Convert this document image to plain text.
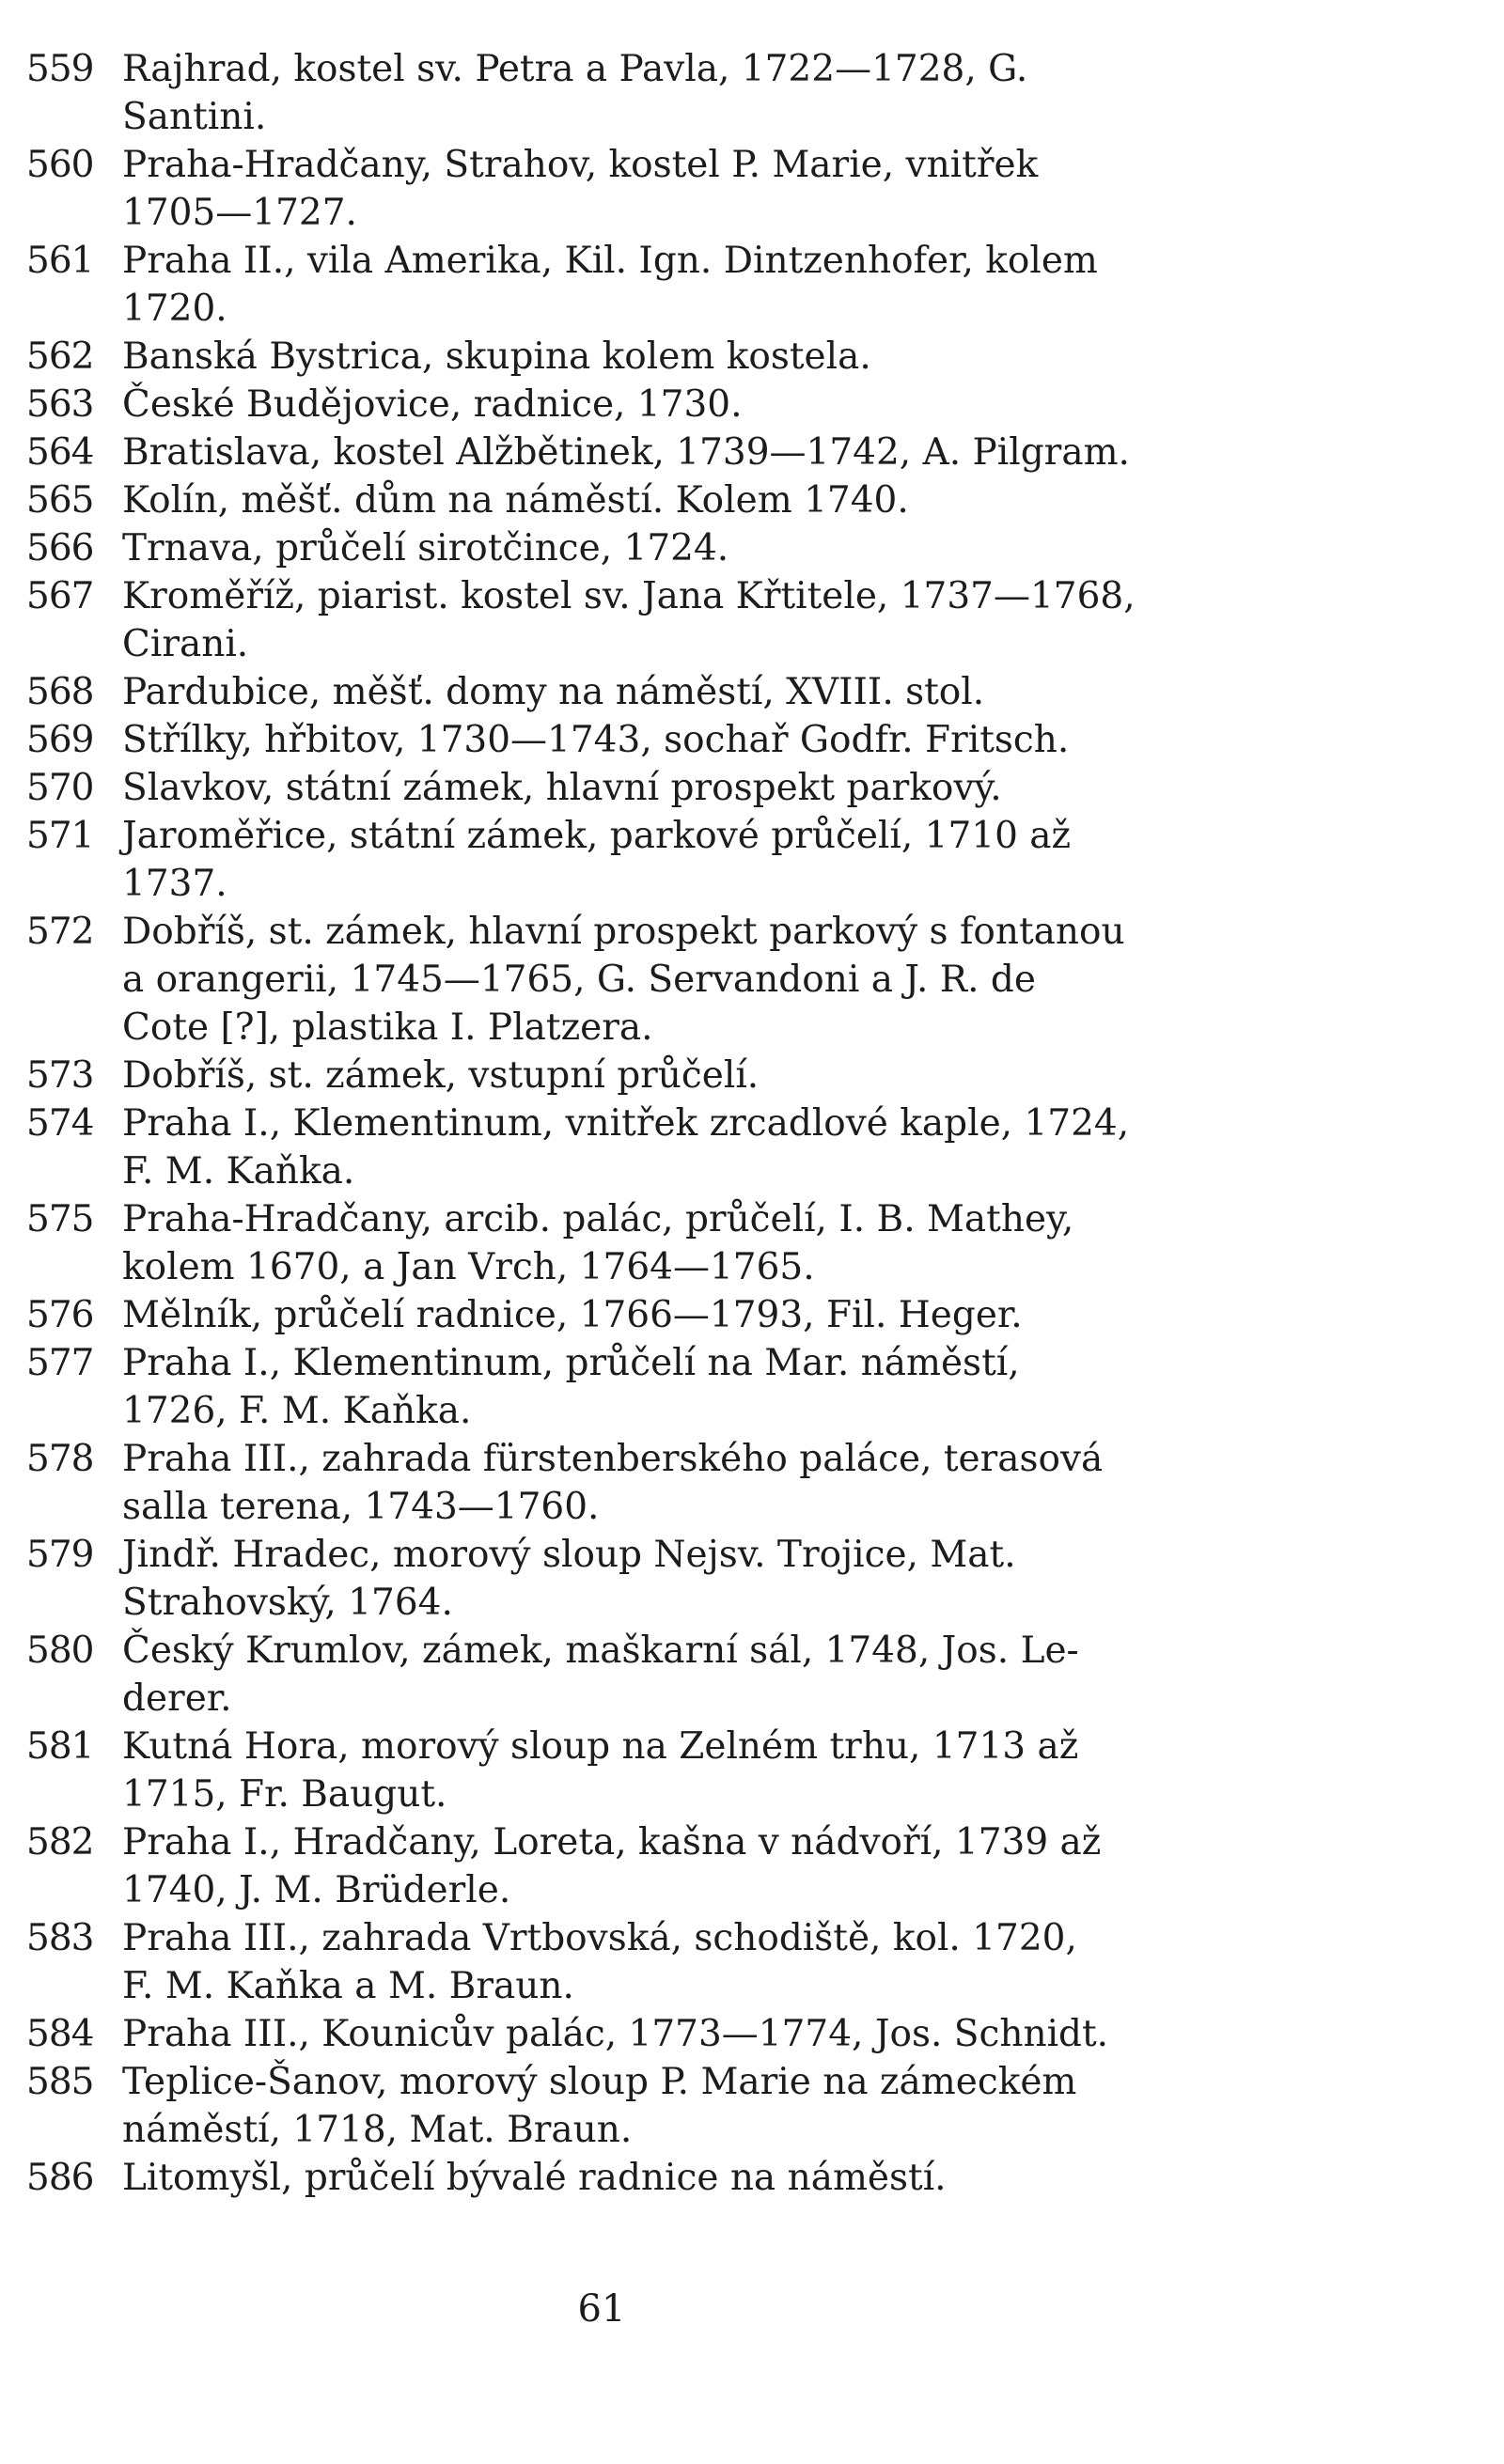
559 Rajhrad, kostel sv. Petra a Pavla, 1722—1728, G.
Santini.
560 Praha-Hradčany, Strahov, kostel P. Marie, vnitřek
1705—1727.
561 Praha II., vila Amerika, Kil. Ign. Dintzenhofer, kolem
1720.
562 Banská Bystrica, skupina kolem kostela.
563 České Budějovice, radnice, 1730.
564 Bratislava, kostel Alžbětinek, 1739—1742, A. Pilgram.
565 Kolín, měšť. dům na náměstí. Kolem 1740.
566 Trnava, průčelí sirotčince, 1724.
567 Kroměříž, piarist. kostel sv. Jana Křtitele, 1737—1768,
Cirani.
568 Pardubice, měšť. domy na náměstí, XVIII. stol.
569 Střílky, hřbitov, 1730—1743, sochař Godfr. Fritsch.
570 Slavkov, státní zámek, hlavní prospekt parkový.
571 Jaroměřice, státní zámek, parkové průčelí, 1710 až
1737.
572 Dobříš, st. zámek, hlavní prospekt parkový s fontanou
a orangerii, 1745—1765, G. Servandoni a J. R. de
Cote [?], plastika I. Platzera.
573 Dobříš, st. zámek, vstupní průčelí.
574 Praha I., Klementinum, vnitřek zrcadlové kaple, 1724,
F. M. Kaňka.
575 Praha-Hradčany, arcib. palác, průčelí, I. B. Mathey,
kolem 1670, a Jan Vrch, 1764—1765.
576 Mělník, průčelí radnice, 1766—1793, Fil. Heger.
577 Praha I., Klementinum, průčelí na Mar. náměstí,
1726, F. M. Kaňka.
578 Praha III., zahrada fürstenberského paláce, terasová
salla terena, 1743—1760.
579 Jindř. Hradec, morový sloup Nejsv. Trojice, Mat.
Strahovský, 1764.
580 Český Krumlov, zámek, maškarní sál, 1748, Jos. Le-
derer.
581 Kutná Hora, morový sloup na Zelném trhu, 1713 až
1715, Fr. Baugut.
582 Praha I., Hradčany, Loreta, kašna v nádvoří, 1739 až
1740, J. M. Brüderle.
583 Praha III., zahrada Vrtbovská, schodiště, kol. 1720,
F. M. Kaňka a M. Braun.
584 Praha III., Kounicův palác, 1773—1774, Jos. Schnidt.
585 Teplice-Šanov, morový sloup P. Marie na zámeckém
náměstí, 1718, Mat. Braun.
586 Litomyšl, průčelí bývalé radnice na náměstí.
61
